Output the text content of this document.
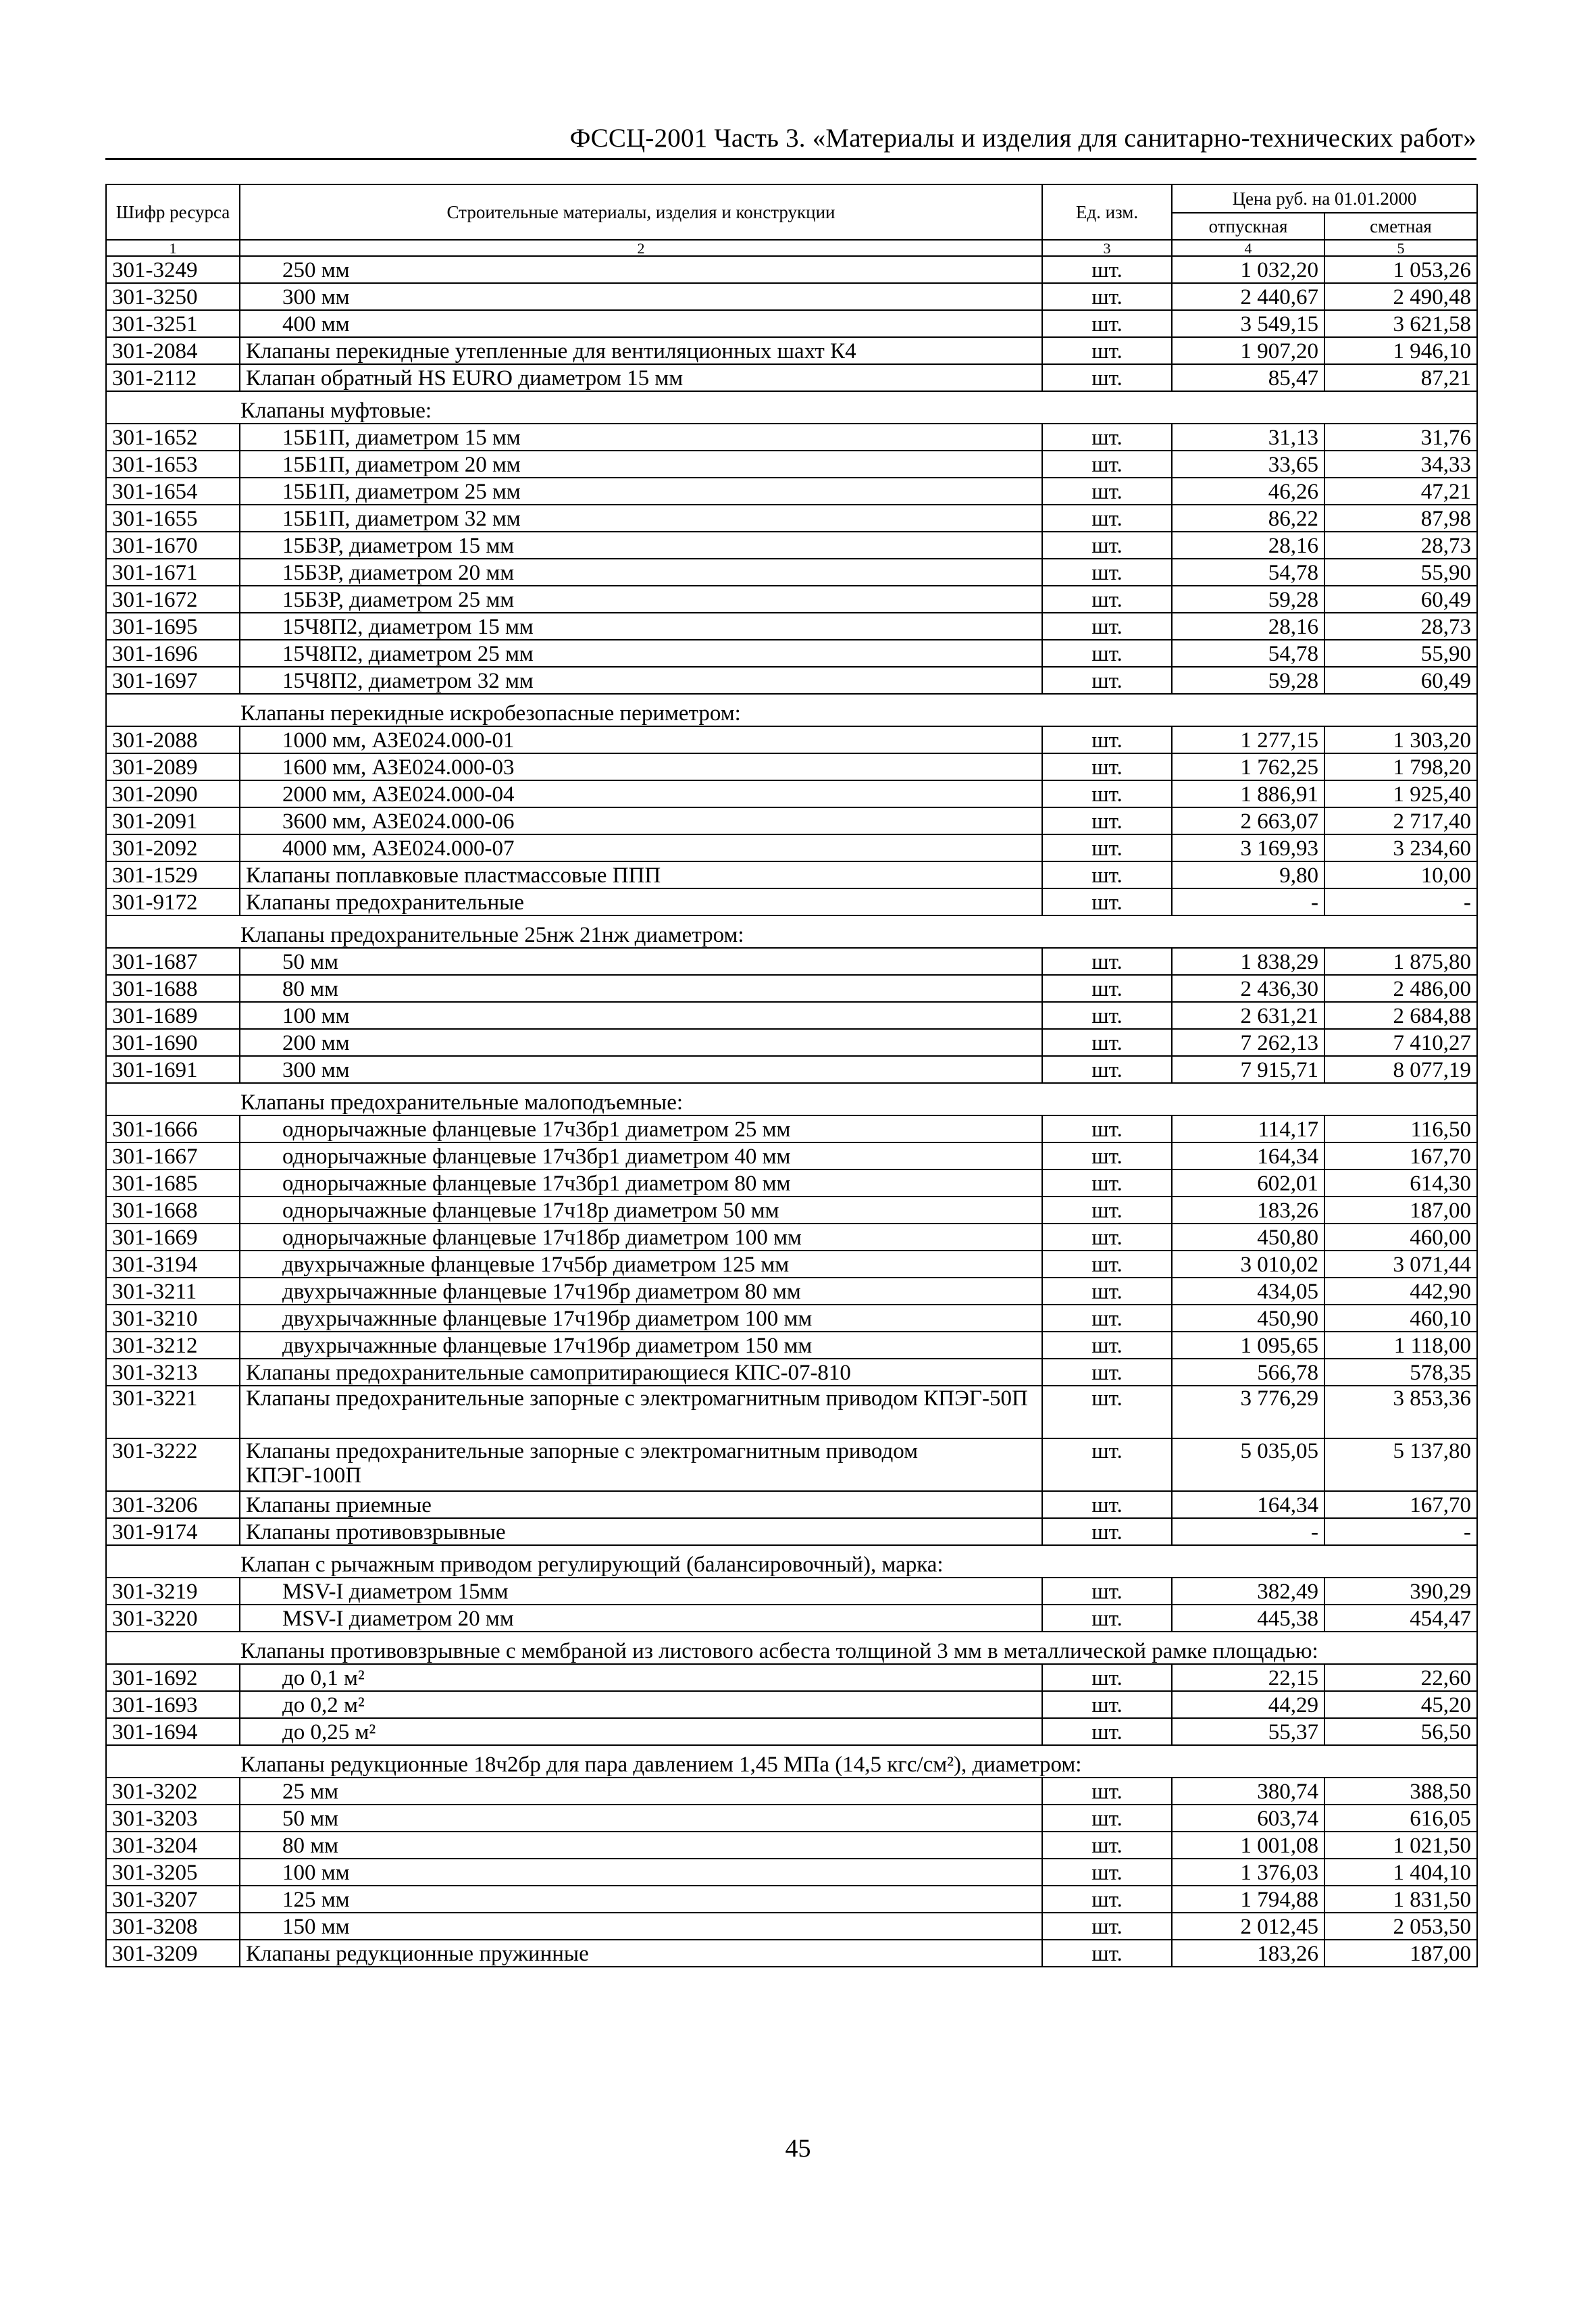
ФССЦ-2001 Часть 3. «Материалы и изделия для санитарно-технических работ»
Шифр ресурса	Строительные материалы, изделия и конструкции	Ед. изм.	Цена руб. на 01.01.2000	
			отпускная	сметная
1	2	3	4	5
301-3249	250 мм	шт.	1 032,20	1 053,26
301-3250	300 мм	шт.	2 440,67	2 490,48
301-3251	400 мм	шт.	3 549,15	3 621,58
301-2084	Клапаны перекидные утепленные для вентиляционных шахт К4	шт.	1 907,20	1 946,10
301-2112	Клапан обратный HS EURO диаметром 15 мм	шт.	85,47	87,21
Клапаны муфтовые:				
301-1652	15Б1П, диаметром 15 мм	шт.	31,13	31,76
301-1653	15Б1П, диаметром 20 мм	шт.	33,65	34,33
301-1654	15Б1П, диаметром 25 мм	шт.	46,26	47,21
301-1655	15Б1П, диаметром 32 мм	шт.	86,22	87,98
301-1670	15Б3Р, диаметром 15 мм	шт.	28,16	28,73
301-1671	15Б3Р, диаметром 20 мм	шт.	54,78	55,90
301-1672	15Б3Р, диаметром 25 мм	шт.	59,28	60,49
301-1695	15Ч8П2, диаметром 15 мм	шт.	28,16	28,73
301-1696	15Ч8П2, диаметром 25 мм	шт.	54,78	55,90
301-1697	15Ч8П2, диаметром 32 мм	шт.	59,28	60,49
Клапаны перекидные искробезопасные периметром:				
301-2088	1000 мм, АЗЕ024.000-01	шт.	1 277,15	1 303,20
301-2089	1600 мм, АЗЕ024.000-03	шт.	1 762,25	1 798,20
301-2090	2000 мм, АЗЕ024.000-04	шт.	1 886,91	1 925,40
301-2091	3600 мм, АЗЕ024.000-06	шт.	2 663,07	2 717,40
301-2092	4000 мм, АЗЕ024.000-07	шт.	3 169,93	3 234,60
301-1529	Клапаны поплавковые пластмассовые ППП	шт.	9,80	10,00
301-9172	Клапаны предохранительные	шт.	-	-
Клапаны предохранительные 25нж 21нж диаметром:				
301-1687	50 мм	шт.	1 838,29	1 875,80
301-1688	80 мм	шт.	2 436,30	2 486,00
301-1689	100 мм	шт.	2 631,21	2 684,88
301-1690	200 мм	шт.	7 262,13	7 410,27
301-1691	300 мм	шт.	7 915,71	8 077,19
Клапаны предохранительные малоподъемные:				
301-1666	однорычажные фланцевые 17ч3бр1 диаметром 25 мм	шт.	114,17	116,50
301-1667	однорычажные фланцевые 17ч3бр1 диаметром 40 мм	шт.	164,34	167,70
301-1685	однорычажные фланцевые 17ч3бр1 диаметром 80 мм	шт.	602,01	614,30
301-1668	однорычажные фланцевые 17ч18р диаметром 50 мм	шт.	183,26	187,00
301-1669	однорычажные фланцевые 17ч18бр диаметром 100 мм	шт.	450,80	460,00
301-3194	двухрычажные фланцевые 17ч5бр диаметром 125 мм	шт.	3 010,02	3 071,44
301-3211	двухрычажнные фланцевые 17ч19бр диаметром 80 мм	шт.	434,05	442,90
301-3210	двухрычажнные фланцевые 17ч19бр диаметром 100 мм	шт.	450,90	460,10
301-3212	двухрычажнные фланцевые 17ч19бр диаметром 150 мм	шт.	1 095,65	1 118,00
301-3213	Клапаны предохранительные самопритирающиеся КПС-07-810	шт.	566,78	578,35
301-3221	Клапаны предохранительные запорные с электромагнитным приводом КПЭГ-50П	шт.	3 776,29	3 853,36
301-3222	Клапаны предохранительные запорные с электромагнитным приводом КПЭГ-100П	шт.	5 035,05	5 137,80
301-3206	Клапаны приемные	шт.	164,34	167,70
301-9174	Клапаны противовзрывные	шт.	-	-
Клапан с рычажным приводом регулирующий (балансировочный), марка:				
301-3219	MSV-I диаметром 15мм	шт.	382,49	390,29
301-3220	MSV-I диаметром 20 мм	шт.	445,38	454,47
Клапаны противовзрывные с мембраной из листового асбеста толщиной 3 мм в металлической рамке площадью:				
301-1692	до 0,1 м²	шт.	22,15	22,60
301-1693	до 0,2 м²	шт.	44,29	45,20
301-1694	до 0,25 м²	шт.	55,37	56,50
Клапаны редукционные 18ч2бр для пара давлением 1,45 МПа (14,5 кгс/см²), диаметром:				
301-3202	25 мм	шт.	380,74	388,50
301-3203	50 мм	шт.	603,74	616,05
301-3204	80 мм	шт.	1 001,08	1 021,50
301-3205	100 мм	шт.	1 376,03	1 404,10
301-3207	125 мм	шт.	1 794,88	1 831,50
301-3208	150 мм	шт.	2 012,45	2 053,50
301-3209	Клапаны редукционные пружинные	шт.	183,26	187,00
45
